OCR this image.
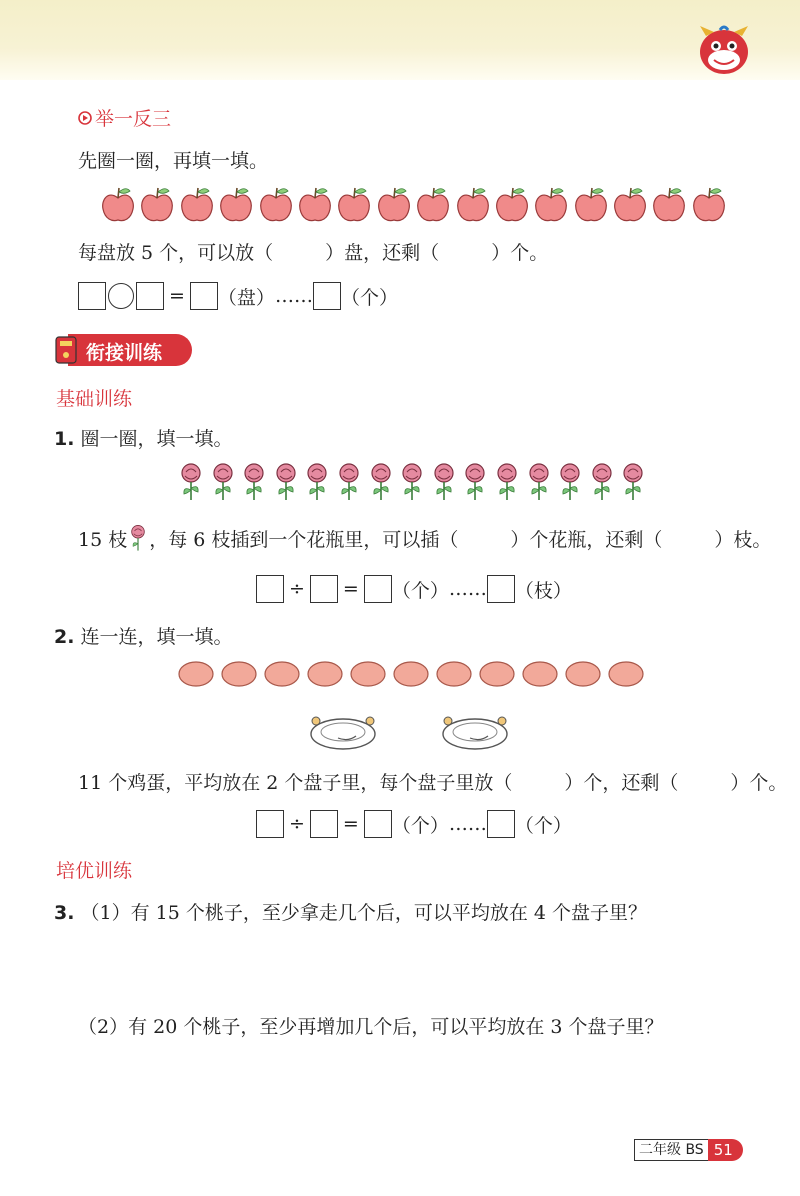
举一反三
先圈一圈，再填一填。
每盘放 5 个，可以放（	）盘，还剩（	）个。
= （盘） …… （个）
衔接训练
基础训练
1. 圈一圈，填一填。
15 枝 ，每 6 枝插到一个花瓶里，可以插（	）个花瓶，还剩（	）枝。
÷ = （个） …… （枝）
2. 连一连，填一填。
11 个鸡蛋，平均放在 2 个盘子里，每个盘子里放（	）个，还剩（	）个。
÷ = （个） …… （个）
培优训练
3. （1）有 15 个桃子，至少拿走几个后，可以平均放在 4 个盘子里？
（2）有 20 个桃子，至少再增加几个后，可以平均放在 3 个盘子里？
二年级 BS 51
